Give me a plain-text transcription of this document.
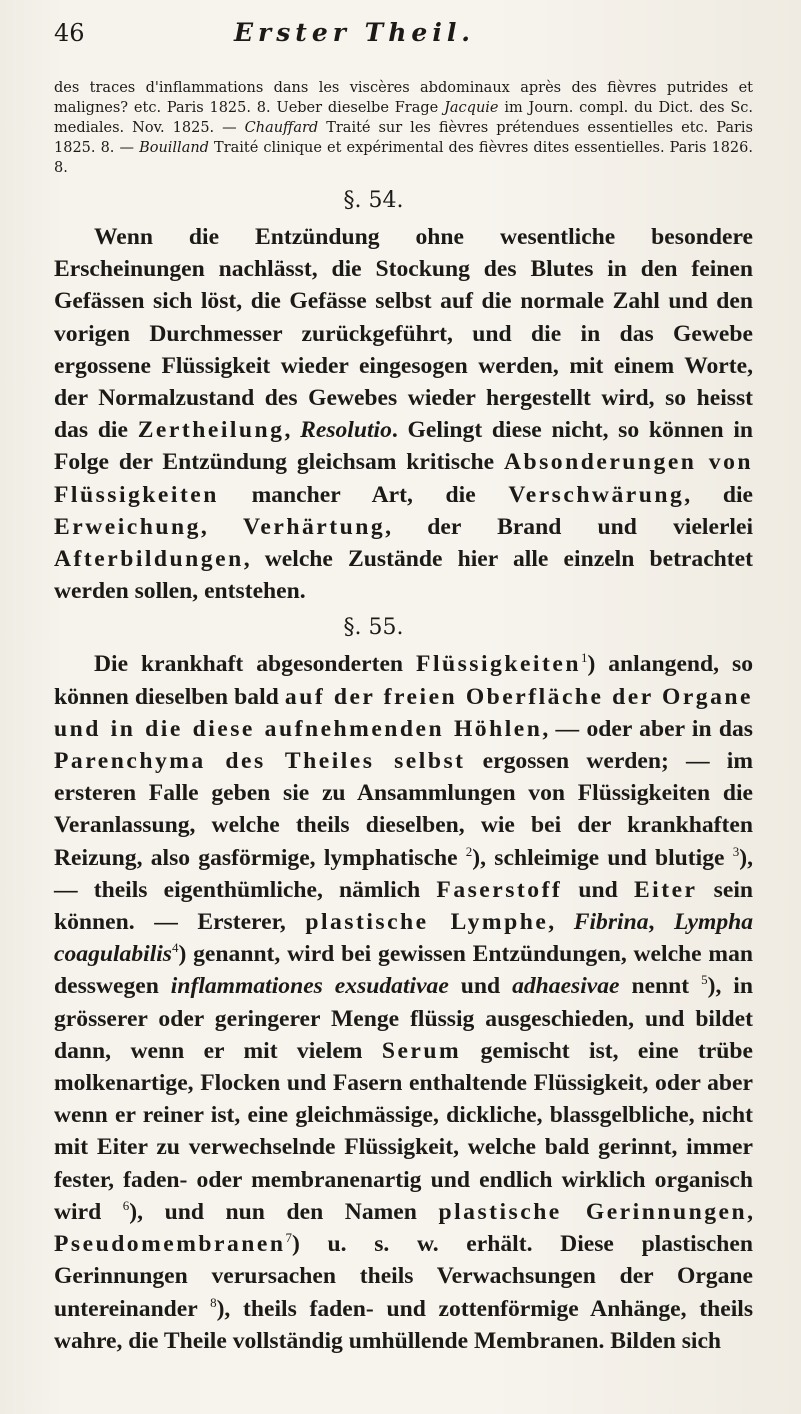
46	Erster Theil.

des traces d'inflammations dans les viscères abdominaux après des fièvres putrides et malignes? etc. Paris 1825. 8. Ueber dieselbe Frage Jacquie im Journ. compl. du Dict. des Sc. mediales. Nov. 1825. — Chauffard Traité sur les fièvres prétendues essentielles etc. Paris 1825. 8. — Bouilland Traité clinique et expérimental des fièvres dites essentielles. Paris 1826. 8.

§. 54.

Wenn die Entzündung ohne wesentliche besondere Erscheinungen nachlässt, die Stockung des Blutes in den feinen Gefässen sich löst, die Gefässe selbst auf die normale Zahl und den vorigen Durchmesser zurückgeführt, und die in das Gewebe ergossene Flüssigkeit wieder eingesogen werden, mit einem Worte, der Normalzustand des Gewebes wieder hergestellt wird, so heisst das die Zertheilung, Resolutio. Gelingt diese nicht, so können in Folge der Entzündung gleichsam kritische Absonderungen von Flüssigkeiten mancher Art, die Verschwärung, die Erweichung, Verhärtung, der Brand und vielerlei Afterbildungen, welche Zustände hier alle einzeln betrachtet werden sollen, entstehen.

§. 55.

Die krankhaft abgesonderten Flüssigkeiten$^1$) anlangend, so können dieselben bald auf der freien Oberfläche der Organe und in die diese aufnehmenden Höhlen, — oder aber in das Parenchyma des Theiles selbst ergossen werden; — im ersteren Falle geben sie zu Ansammlungen von Flüssigkeiten die Veranlassung, welche theils dieselben, wie bei der krankhaften Reizung, also gasförmige, lymphatische $^2$), schleimige und blutige $^3$), — theils eigenthümliche, nämlich Faserstoff und Eiter sein können. — Ersterer, plastische Lymphe, Fibrina, Lympha coagulabilis$^4$) genannt, wird bei gewissen Entzündungen, welche man desswegen inflammationes exsudativae und adhaesivae nennt $^5$), in grösserer oder geringerer Menge flüssig ausgeschieden, und bildet dann, wenn er mit vielem Serum gemischt ist, eine trübe molkenartige, Flocken und Fasern enthaltende Flüssigkeit, oder aber wenn er reiner ist, eine gleichmässige, dickliche, blassgelbliche, nicht mit Eiter zu verwechselnde Flüssigkeit, welche bald gerinnt, immer fester, faden- oder membranenartig und endlich wirklich organisch wird $^6$), und nun den Namen plastische Gerinnungen, Pseudomembranen$^7$) u. s. w. erhält. Diese plastischen Gerinnungen verursachen theils Verwachsungen der Organe untereinander $^8$), theils faden- und zottenförmige Anhänge, theils wahre, die Theile vollständig umhüllende Membranen. Bilden sich
